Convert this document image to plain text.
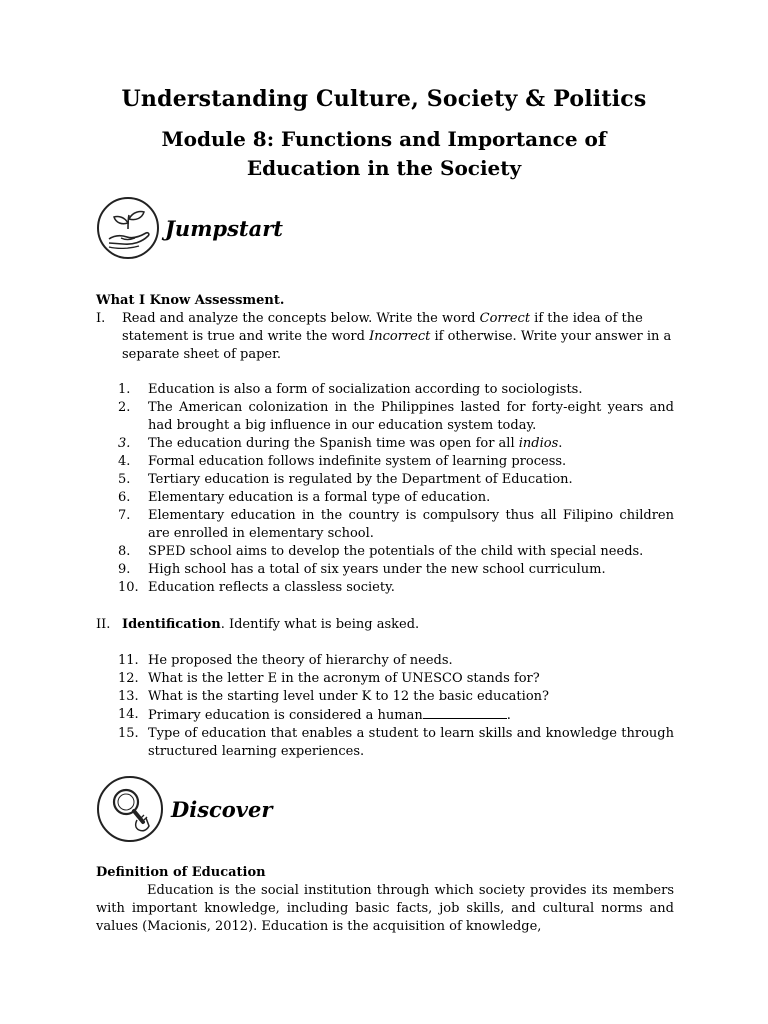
Understanding Culture, Society & Politics
Module 8: Functions and Importance of
Education in the Society
Jumpstart
What I Know Assessment.
I.	Read and analyze the concepts below. Write the word Correct if the idea of the statement is true and write the word Incorrect if otherwise. Write your answer in a separate sheet of paper.
1.	Education is also a form of socialization according to sociologists.
2.	The American colonization in the Philippines lasted for forty-eight years and had brought a big influence in our education system today.
3.	The education during the Spanish time was open for all indios.
4.	Formal education follows indefinite system of learning process.
5.	Tertiary education is regulated by the Department of Education.
6.	Elementary education is a formal type of education.
7.	Elementary education in the country is compulsory thus all Filipino children are enrolled in elementary school.
8.	SPED school aims to develop the potentials of the child with special needs.
9.	High school has a total of six years under the new school curriculum.
10. Education reflects a classless society.
II. Identification. Identify what is being asked.
11. He proposed the theory of hierarchy of needs.
12. What is the letter E in the acronym of UNESCO stands for?
13. What is the starting level under K to 12 the basic education?
14. Primary education is considered a human	.
15. Type of education that enables a student to learn skills and knowledge through structured learning experiences.
Discover
Definition of Education
Education is the social institution through which society provides its members with important knowledge, including basic facts, job skills, and cultural norms and values (Macionis, 2012). Education is the acquisition of knowledge,
